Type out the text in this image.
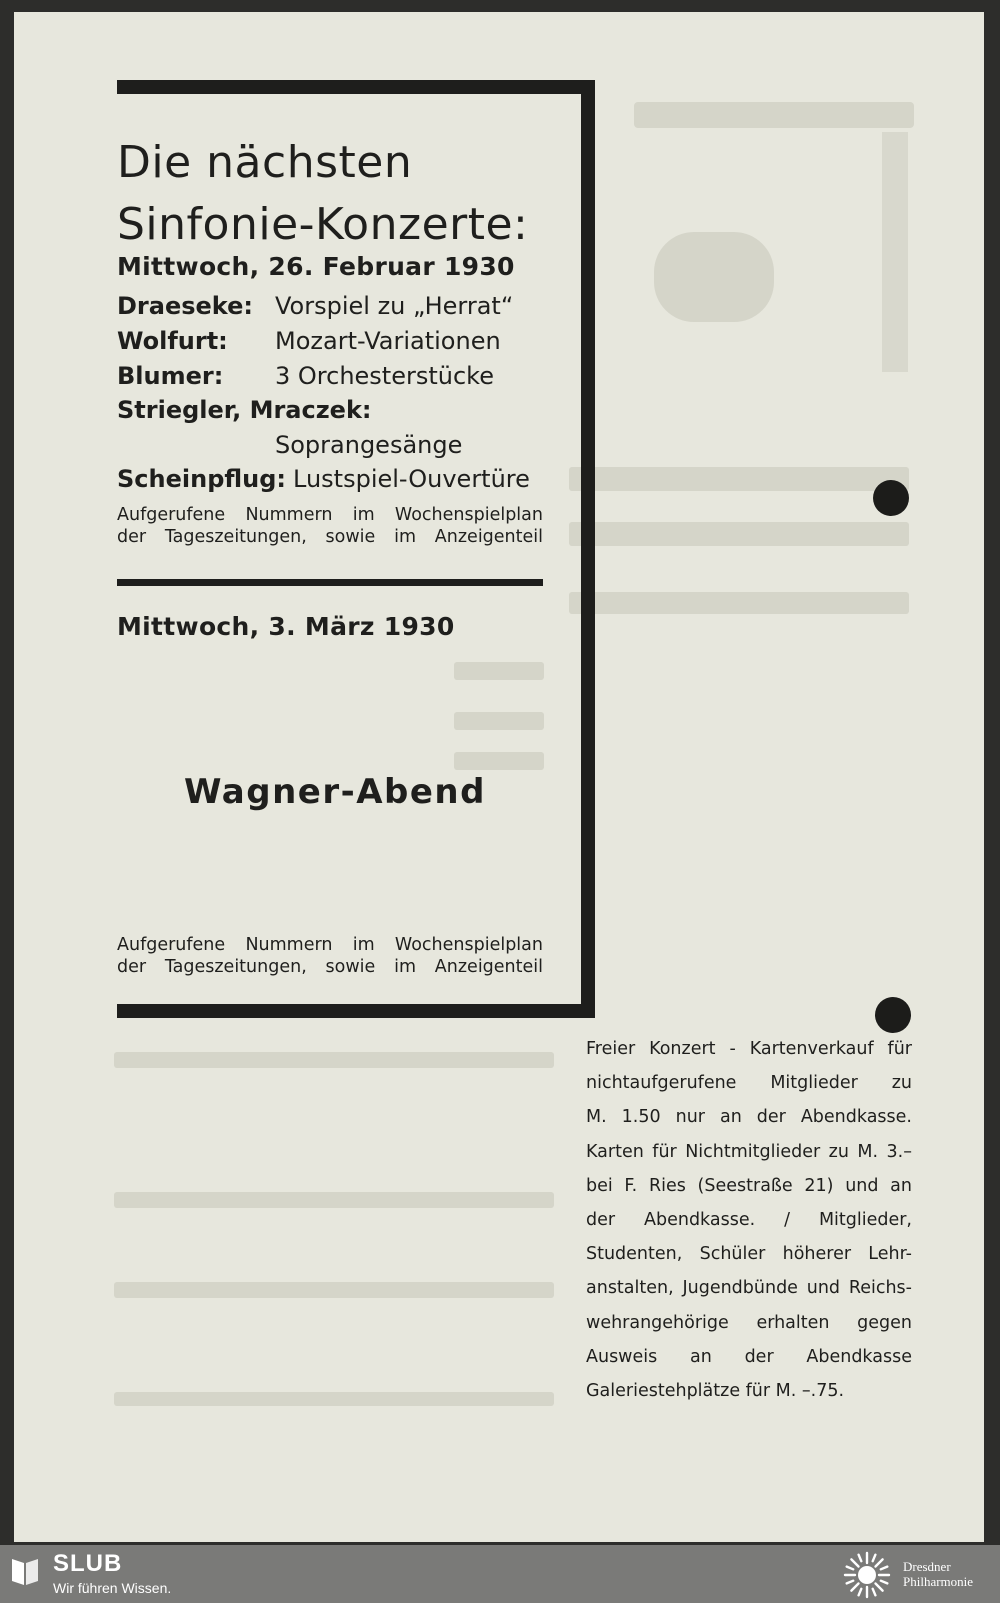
Die nächsten
Sinfonie-Konzerte:
Mittwoch, 26. Februar 1930
Draeseke: Vorspiel zu „Herrat“
Wolfurt: Mozart-Variationen
Blumer: 3 Orchesterstücke
Striegler, Mraczek:
Soprangesänge
Scheinpflug: Lustspiel-Ouvertüre
Aufgerufene Nummern im Wochenspielplan
der Tageszeitungen, sowie im Anzeigenteil
Mittwoch, 3. März 1930
Wagner-Abend
Aufgerufene Nummern im Wochenspielplan
der Tageszeitungen, sowie im Anzeigenteil
Freier Konzert - Kartenverkauf für
nichtaufgerufene Mitglieder zu
M. 1.50 nur an der Abendkasse.
Karten für Nichtmitglieder zu M. 3.–
bei F. Ries (Seestraße 21) und an
der Abendkasse. / Mitglieder,
Studenten, Schüler höherer Lehr-
anstalten, Jugendbünde und Reichs-
wehrangehörige erhalten gegen
Ausweis an der Abendkasse
Galeriestehplätze für M. –.75.
SLUB
Wir führen Wissen.
Dresdner
Philharmonie
